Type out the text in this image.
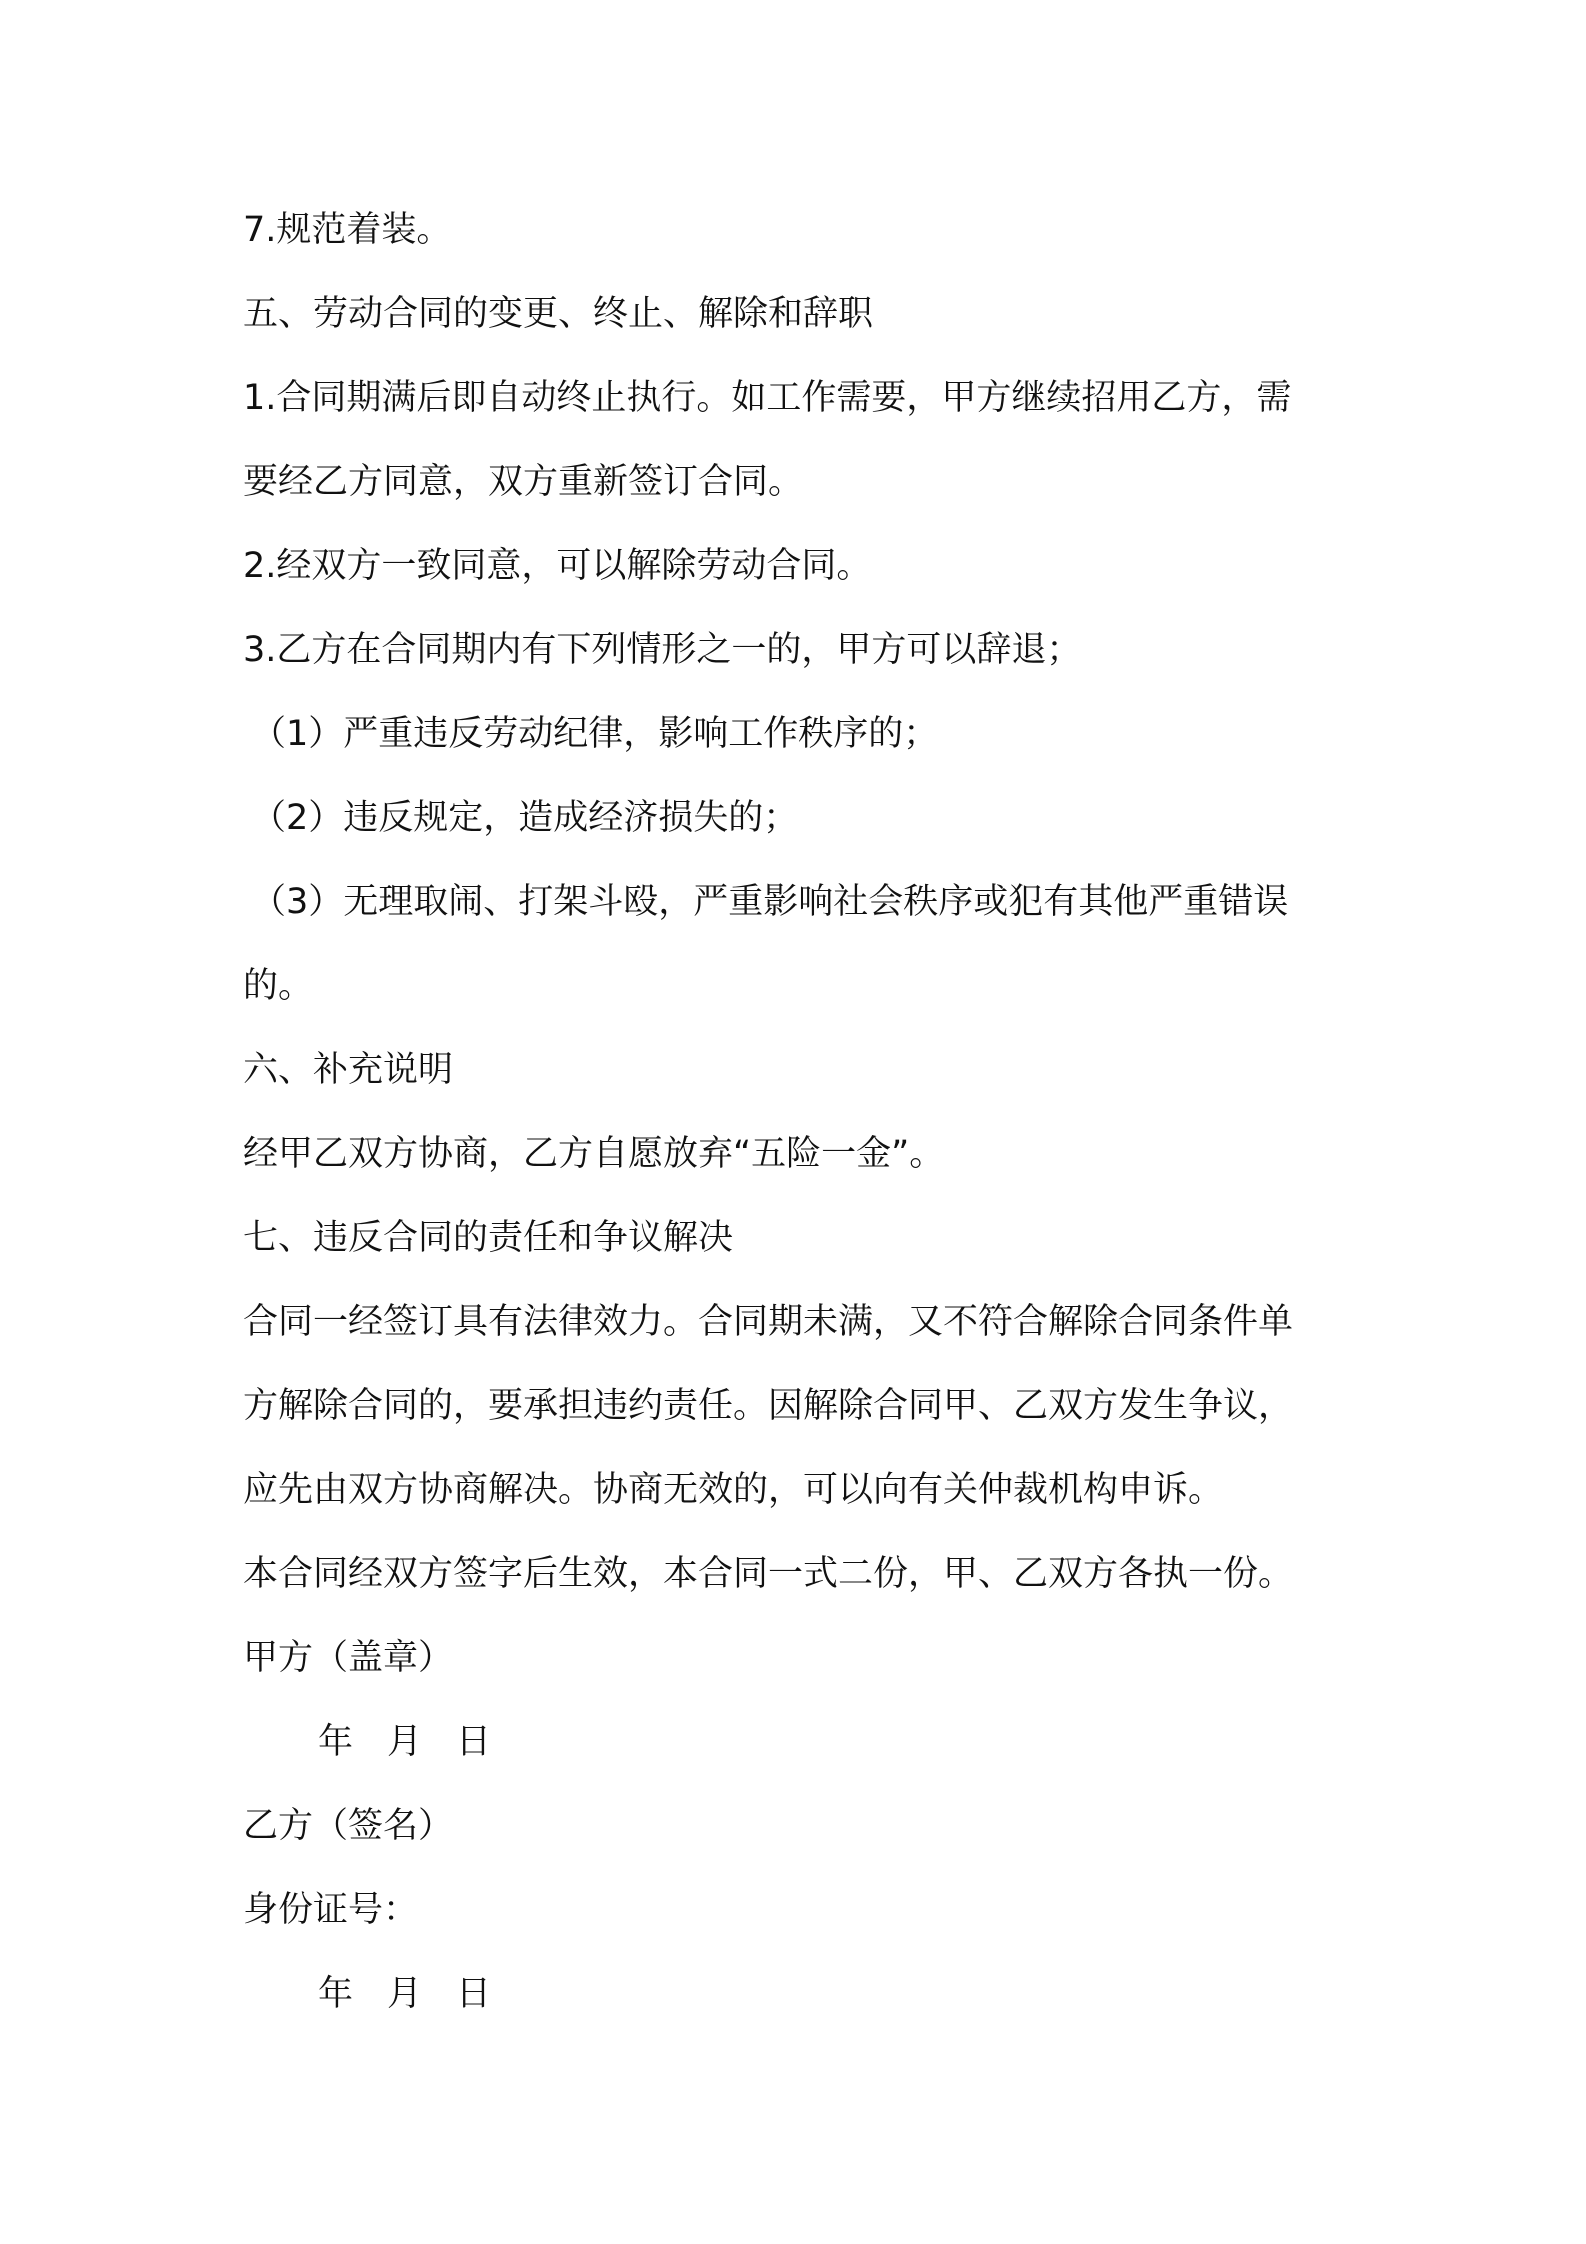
7.规范着装。

五、劳动合同的变更、终止、解除和辞职

1.合同期满后即自动终止执行。如工作需要，甲方继续招用乙方，需

要经乙方同意，双方重新签订合同。

2.经双方一致同意，可以解除劳动合同。

3.乙方在合同期内有下列情形之一的，甲方可以辞退；

（1）严重违反劳动纪律，影响工作秩序的；

（2）违反规定，造成经济损失的；

（3）无理取闹、打架斗殴，严重影响社会秩序或犯有其他严重错误

的。

六、补充说明

经甲乙双方协商，乙方自愿放弃“五险一金”。

七、违反合同的责任和争议解决

合同一经签订具有法律效力。合同期未满，又不符合解除合同条件单

方解除合同的，要承担违约责任。因解除合同甲、乙双方发生争议，

应先由双方协商解决。协商无效的，可以向有关仲裁机构申诉。

本合同经双方签字后生效，本合同一式二份，甲、乙双方各执一份。

甲方（盖章）

年 月 日

乙方（签名）

身份证号：

年 月 日
